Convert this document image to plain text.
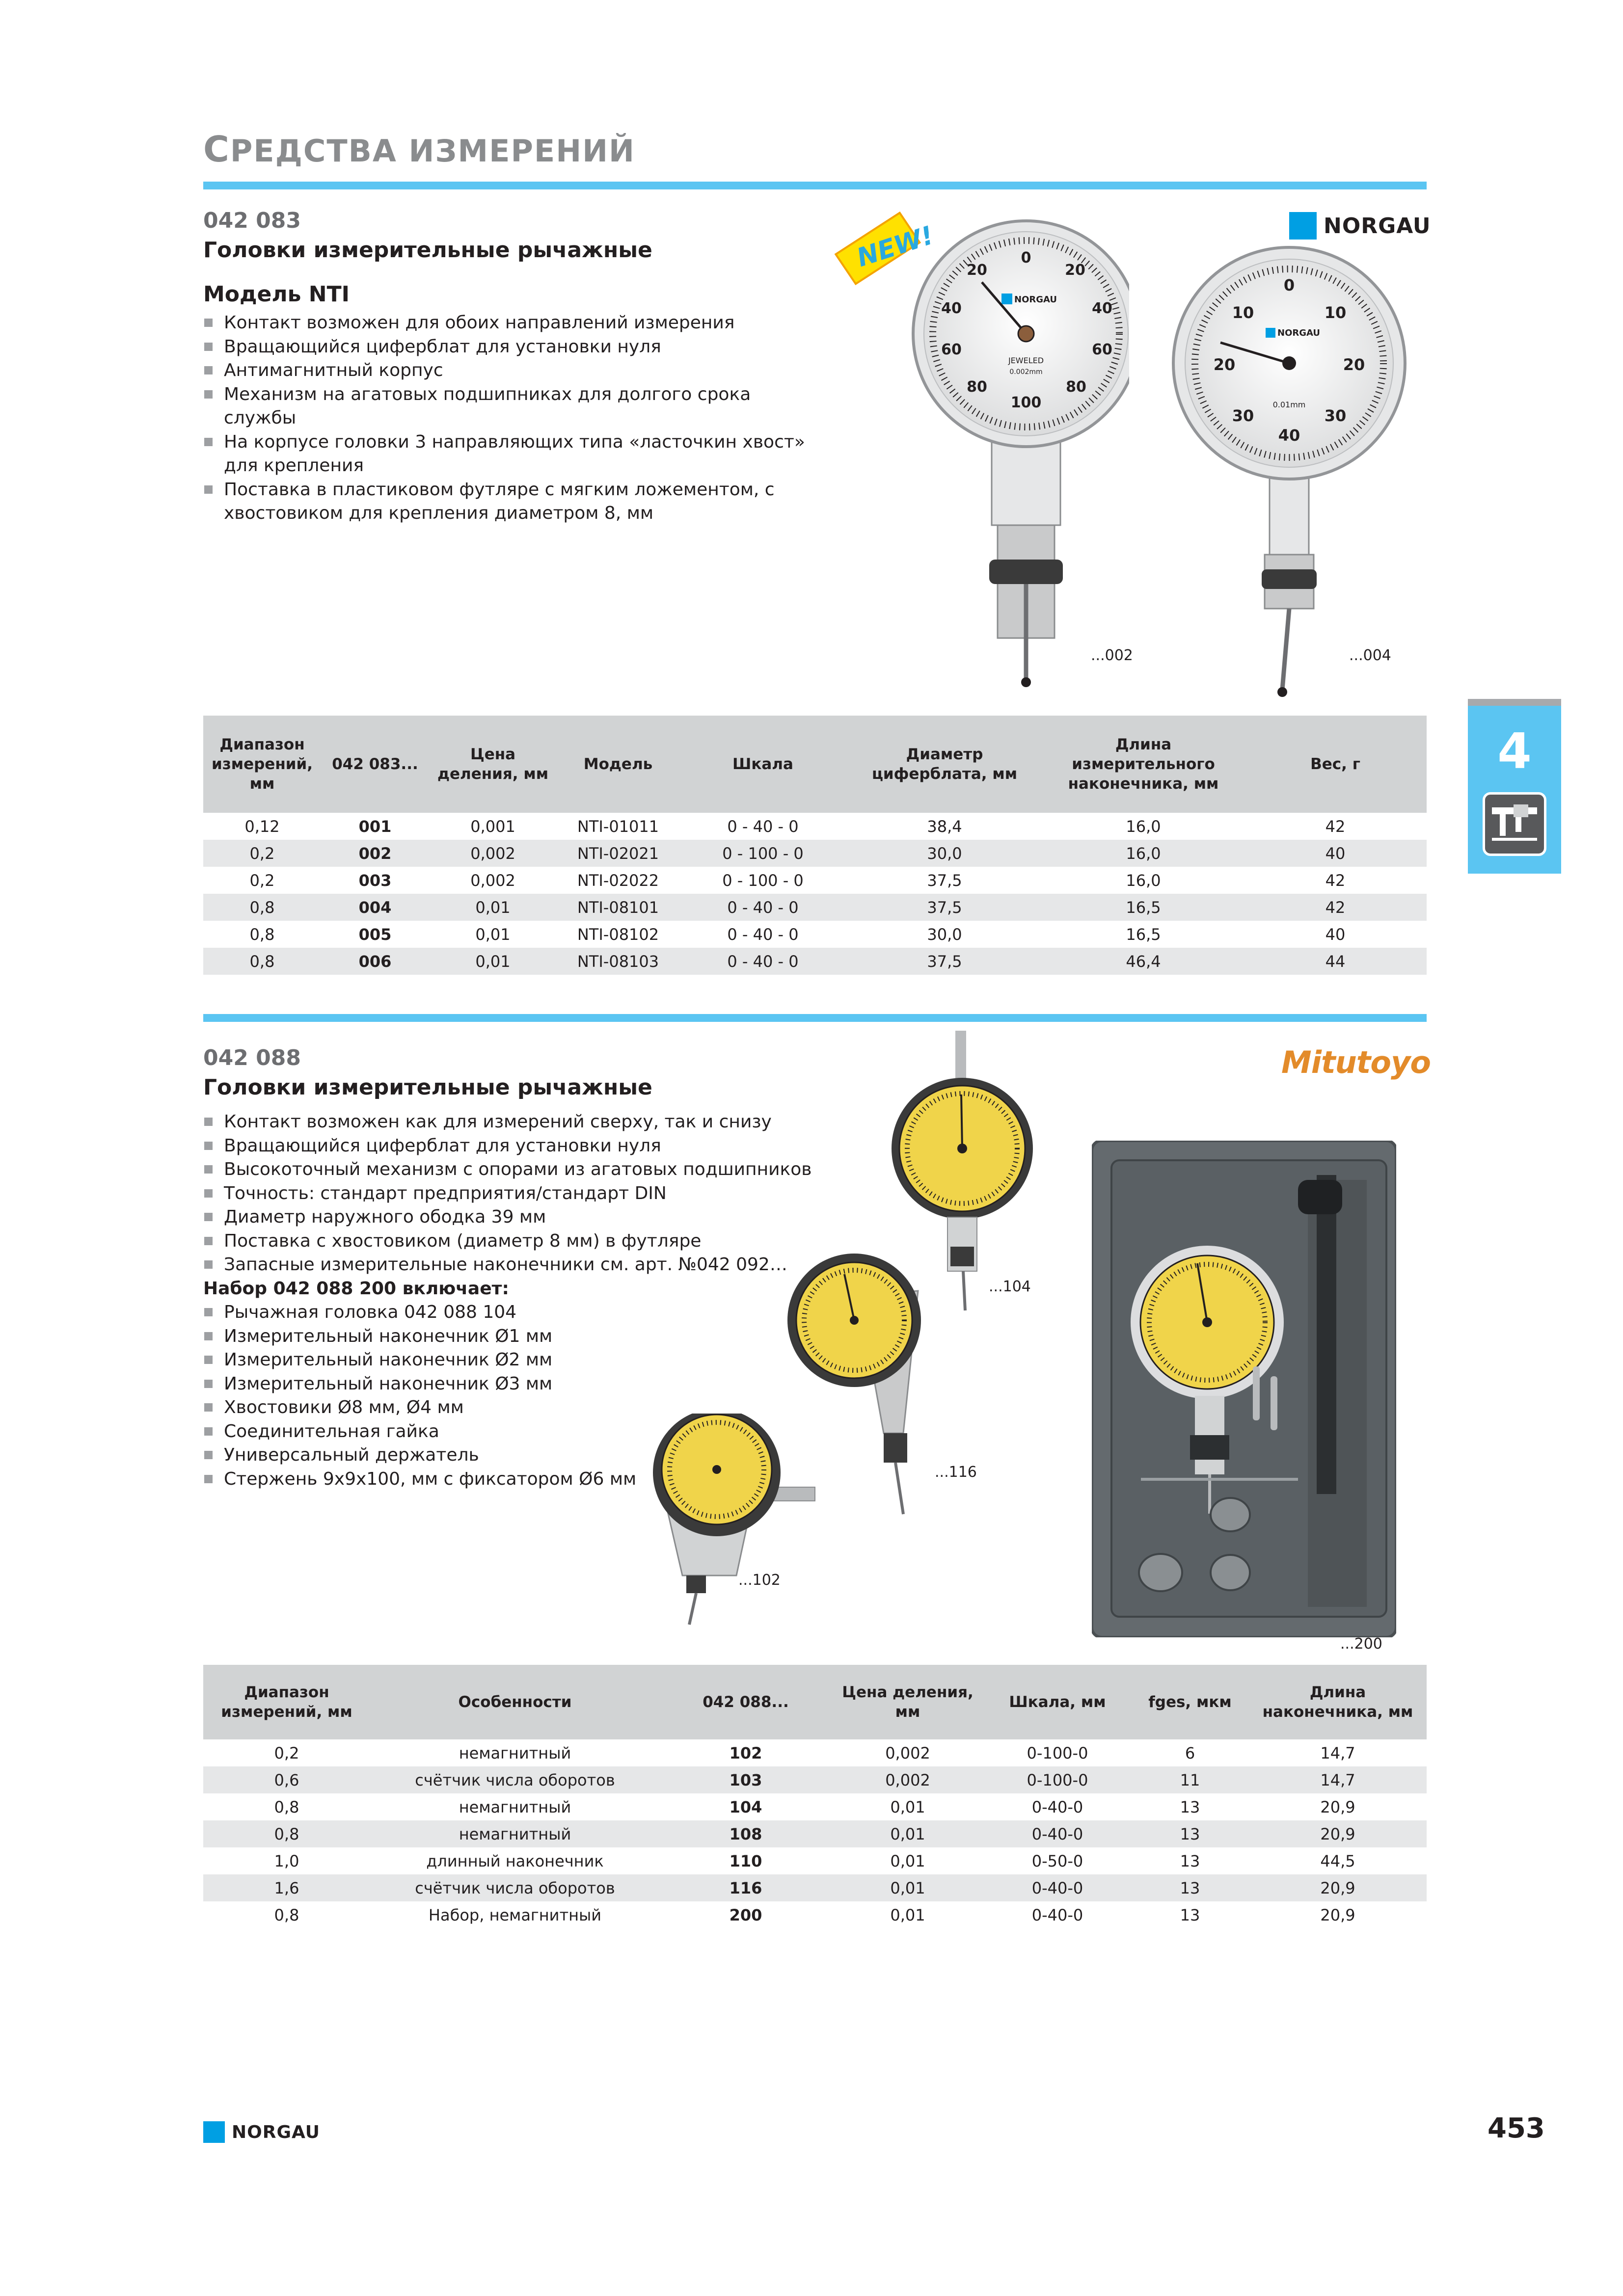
СРЕДСТВА ИЗМЕРЕНИЙ
042 083
Головки измерительные рычажные
Модель NTI
Контакт возможен для обоих направлений измерения
Вращающийся циферблат для установки нуля
Антимагнитный корпус
Механизм на агатовых подшипниках для долгого срока службы
На корпусе головки 3 направляющих типа «ласточкин хвост» для крепления
Поставка в пластиковом футляре с мягким ложементом, с хвостовиком для крепления диаметром 8, мм
NORGAU
NEW!	0
20
40
60
80
100
20
40
60
80
NORGAU
JEWELED
0.002mm
0
10
20
30
40
10
20
30
NORGAU
0.01mm
...002	...004
Диапазон измерений, мм	042 083...	Цена деления, мм	Модель	Шкала	Диаметр циферблата, мм	Длина измерительного наконечника, мм	Вес, г
0,12	001	0,001	NTI-01011	0 - 40 - 0	38,4	16,0	42
0,2	002	0,002	NTI-02021	0 - 100 - 0	30,0	16,0	40
0,2	003	0,002	NTI-02022	0 - 100 - 0	37,5	16,0	42
0,8	004	0,01	NTI-08101	0 - 40 - 0	37,5	16,5	42
0,8	005	0,01	NTI-08102	0 - 40 - 0	30,0	16,5	40
0,8	006	0,01	NTI-08103	0 - 40 - 0	37,5	46,4	44
042 088
Головки измерительные рычажные
Контакт возможен как для измерений сверху, так и снизу
Вращающийся циферблат для установки нуля
Высокоточный механизм с опорами из агатовых подшипников
Точность: стандарт предприятия/стандарт DIN
Диаметр наружного ободка 39 мм
Поставка с хвостовиком (диаметр 8 мм) в футляре
Запасные измерительные наконечники см. арт. №042 092…
Набор 042 088 200 включает:
Рычажная головка 042 088 104
Измерительный наконечник Ø1 мм
Измерительный наконечник Ø2 мм
Измерительный наконечник Ø3 мм
Хвостовики Ø8 мм, Ø4 мм
Соединительная гайка
Универсальный держатель
Стержень 9x9x100, мм с фиксатором Ø6 мм
Mitutoyo
...104
...116
...102
...200
Диапазон измерений, мм	Особенности	042 088...	Цена деления, мм	Шкала, мм	fges, мкм	Длина наконечника, мм
0,2	немагнитный	102	0,002	0-100-0	6	14,7
0,6	счётчик числа оборотов	103	0,002	0-100-0	11	14,7
0,8	немагнитный	104	0,01	0-40-0	13	20,9
0,8	немагнитный	108	0,01	0-40-0	13	20,9
1,0	длинный наконечник	110	0,01	0-50-0	13	44,5
1,6	счётчик числа оборотов	116	0,01	0-40-0	13	20,9
0,8	Набор, немагнитный	200	0,01	0-40-0	13	20,9
4
NORGAU	453
